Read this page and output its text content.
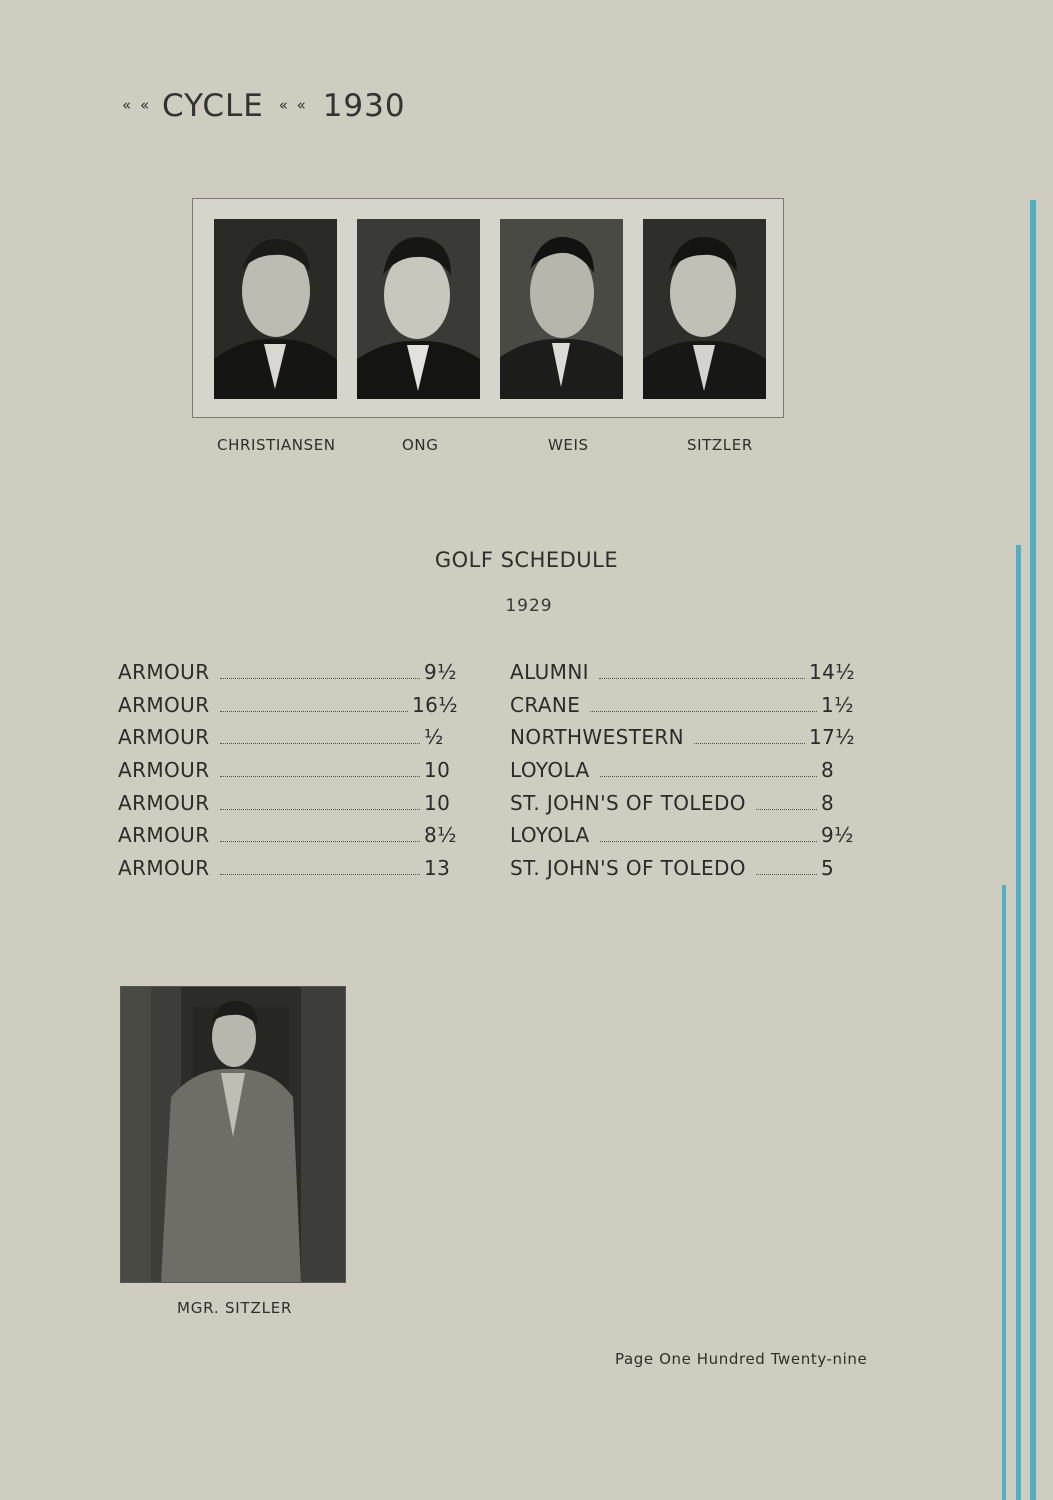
« « CYCLE « « 1930
CHRISTIANSEN	ONG	WEIS	SITZLER
GOLF SCHEDULE
1929
ARMOUR	9½
ARMOUR	16½
ARMOUR	½
ARMOUR	10
ARMOUR	10
ARMOUR	8½
ARMOUR	13
ALUMNI	14½
CRANE	1½
NORTHWESTERN	17½
LOYOLA	8
ST. JOHN'S OF TOLEDO	8
LOYOLA	9½
ST. JOHN'S OF TOLEDO	5
MGR. SITZLER
Page One Hundred Twenty-nine
